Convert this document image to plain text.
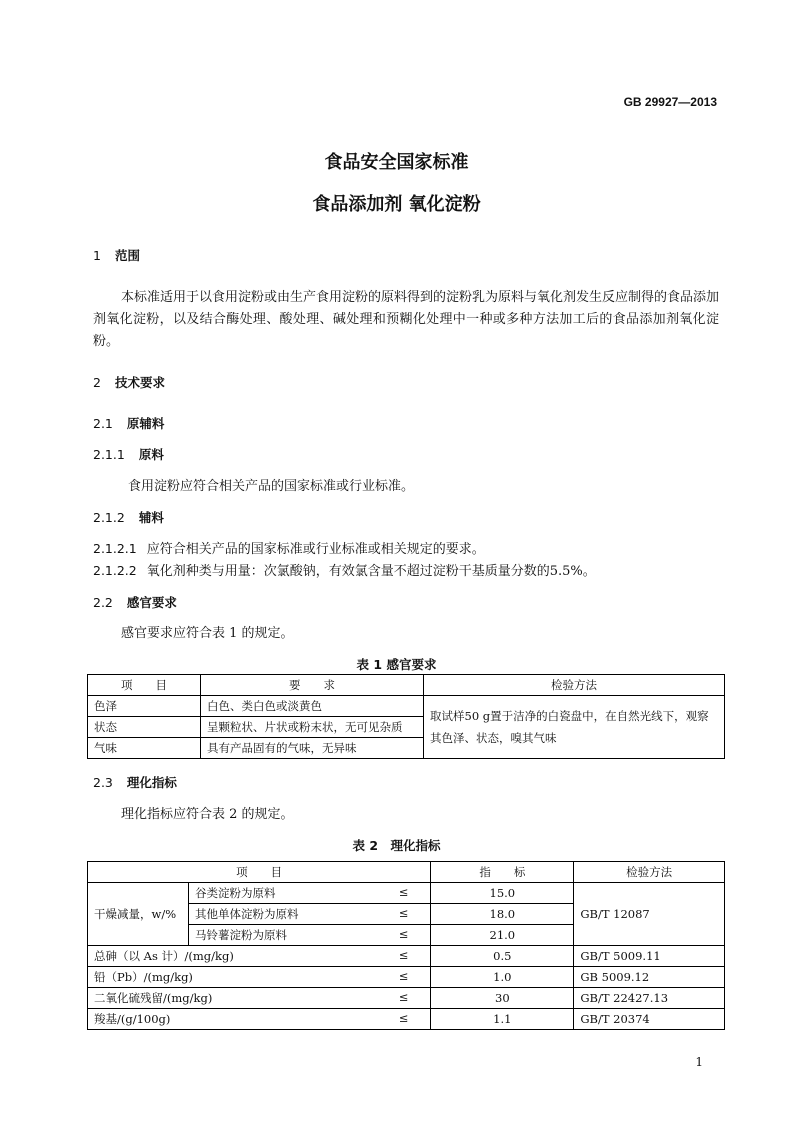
GB 29927—2013
食品安全国家标准
食品添加剂 氧化淀粉
1 范围
本标准适用于以食用淀粉或由生产食用淀粉的原料得到的淀粉乳为原料与氧化剂发生反应制得的食品添加剂氧化淀粉，以及结合酶处理、酸处理、碱处理和预糊化处理中一种或多种方法加工后的食品添加剂氧化淀粉。
2 技术要求
2.1 原辅料
2.1.1 原料
食用淀粉应符合相关产品的国家标准或行业标准。
2.1.2 辅料
2.1.2.1 应符合相关产品的国家标准或行业标准或相关规定的要求。
2.1.2.2 氧化剂种类与用量：次氯酸钠，有效氯含量不超过淀粉干基质量分数的5.5%。
2.2 感官要求
感官要求应符合表 1 的规定。
表 1 感官要求
项　　目	要　　求	检验方法
色泽	白色、类白色或淡黄色	取试样50 g置于洁净的白瓷盘中，在自然光线下，观察其色泽、状态，嗅其气味
状态	呈颗粒状、片状或粉末状，无可见杂质	
气味	具有产品固有的气味，无异味	
2.3 理化指标
理化指标应符合表 2 的规定。
表 2　理化指标
项　　目		指　　标	检验方法
干燥减量，w/%	谷类淀粉为原料 ≤	15.0	GB/T 12087

	其他单体淀粉为原料 ≤	18.0	

	马铃薯淀粉为原料 ≤	21.0	

总砷（以 As 计）/(mg/kg) ≤		0.5	GB/T 5009.11

铅（Pb）/(mg/kg) ≤		1.0	GB 5009.12

二氧化硫残留/(mg/kg) ≤		30	GB/T 22427.13

羧基/(g/100g) ≤		1.1	GB/T 20374
1
